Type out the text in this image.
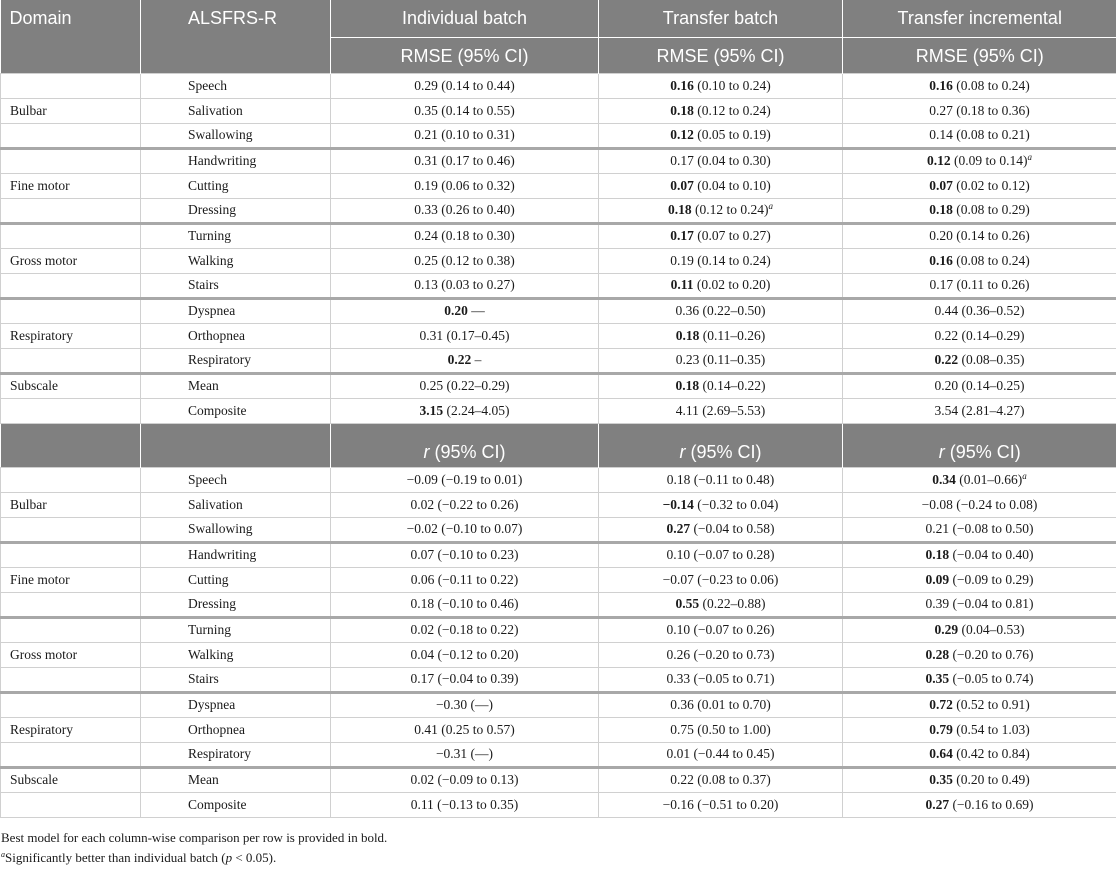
Domain	ALSFRS-R	Individual batch	Transfer batch	Transfer incremental
		RMSE (95% CI)	RMSE (95% CI)	RMSE (95% CI)
	Speech	0.29 (0.14 to 0.44)	0.16 (0.10 to 0.24)	0.16 (0.08 to 0.24)
Bulbar	Salivation	0.35 (0.14 to 0.55)	0.18 (0.12 to 0.24)	0.27 (0.18 to 0.36)
	Swallowing	0.21 (0.10 to 0.31)	0.12 (0.05 to 0.19)	0.14 (0.08 to 0.21)
	Handwriting	0.31 (0.17 to 0.46)	0.17 (0.04 to 0.30)	0.12 (0.09 to 0.14)$^a$
Fine motor	Cutting	0.19 (0.06 to 0.32)	0.07 (0.04 to 0.10)	0.07 (0.02 to 0.12)
	Dressing	0.33 (0.26 to 0.40)	0.18 (0.12 to 0.24)$^a$	0.18 (0.08 to 0.29)
	Turning	0.24 (0.18 to 0.30)	0.17 (0.07 to 0.27)	0.20 (0.14 to 0.26)
Gross motor	Walking	0.25 (0.12 to 0.38)	0.19 (0.14 to 0.24)	0.16 (0.08 to 0.24)
	Stairs	0.13 (0.03 to 0.27)	0.11 (0.02 to 0.20)	0.17 (0.11 to 0.26)
	Dyspnea	0.20 —	0.36 (0.22–0.50)	0.44 (0.36–0.52)
Respiratory	Orthopnea	0.31 (0.17–0.45)	0.18 (0.11–0.26)	0.22 (0.14–0.29)
	Respiratory	0.22 –	0.23 (0.11–0.35)	0.22 (0.08–0.35)
Subscale	Mean	0.25 (0.22–0.29)	0.18 (0.14–0.22)	0.20 (0.14–0.25)
	Composite	3.15 (2.24–4.05)	4.11 (2.69–5.53)	3.54 (2.81–4.27)
		r (95% CI)	r (95% CI)	r (95% CI)
	Speech	−0.09 (−0.19 to 0.01)	0.18 (−0.11 to 0.48)	0.34 $(0.01-0.66)^a$
Bulbar	Salivation	0.02 (−0.22 to 0.26)	−0.14 (−0.32 to 0.04)	−0.08 (−0.24 to 0.08)
	Swallowing	−0.02 (−0.10 to 0.07)	0.27 (−0.04 to 0.58)	0.21 (−0.08 to 0.50)
	Handwriting	0.07 (−0.10 to 0.23)	0.10 (−0.07 to 0.28)	0.18 (−0.04 to 0.40)
Fine motor	Cutting	0.06 (−0.11 to 0.22)	−0.07 (−0.23 to 0.06)	0.09 (−0.09 to 0.29)
	Dressing	0.18 (−0.10 to 0.46)	0.55 (0.22–0.88)	0.39 (−0.04 to 0.81)
	Turning	0.02 (−0.18 to 0.22)	0.10 (−0.07 to 0.26)	0.29 (0.04–0.53)
Gross motor	Walking	0.04 (−0.12 to 0.20)	0.26 (−0.20 to 0.73)	0.28 (−0.20 to 0.76)
	Stairs	0.17 (−0.04 to 0.39)	0.33 (−0.05 to 0.71)	0.35 (−0.05 to 0.74)
	Dyspnea	−0.30 (—)	0.36 (0.01 to 0.70)	0.72 (0.52 to 0.91)
Respiratory	Orthopnea	0.41 (0.25 to 0.57)	0.75 (0.50 to 1.00)	0.79 (0.54 to 1.03)
	Respiratory	−0.31 (—)	0.01 (−0.44 to 0.45)	0.64 (0.42 to 0.84)
Subscale	Mean	0.02 (−0.09 to 0.13)	0.22 (0.08 to 0.37)	0.35 (0.20 to 0.49)
	Composite	0.11 (−0.13 to 0.35)	−0.16 (−0.51 to 0.20)	0.27 (−0.16 to 0.69)
Best model for each column-wise comparison per row is provided in bold.
$^a$Significantly better than individual batch (p < 0.05).
